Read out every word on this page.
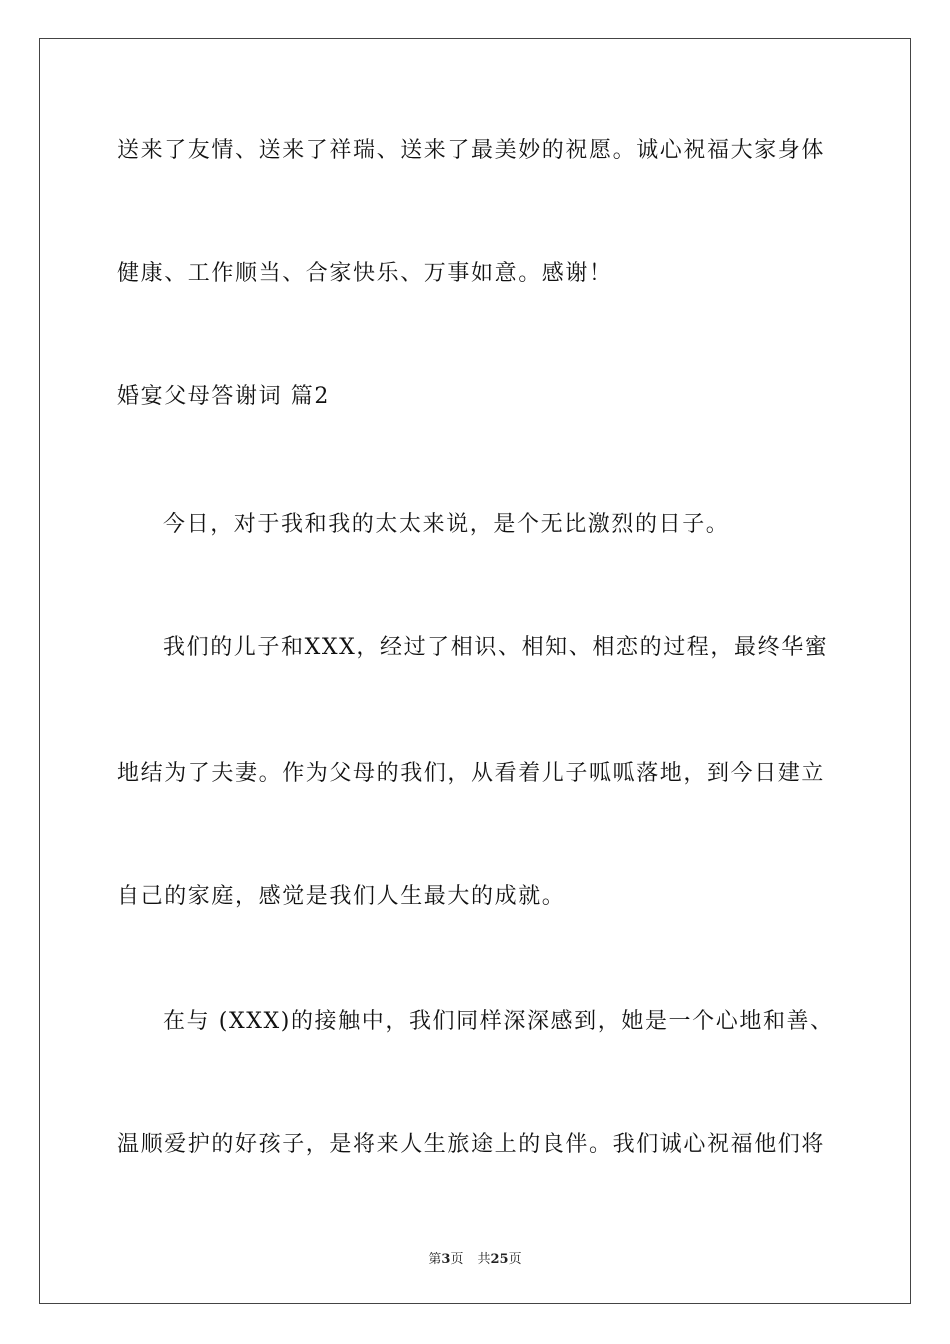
送来了友情、送来了祥瑞、送来了最美妙的祝愿。诚心祝福大家身体
健康、工作顺当、合家快乐、万事如意。感谢！
婚宴父母答谢词 篇2
今日，对于我和我的太太来说，是个无比激烈的日子。
我们的儿子和XXX，经过了相识、相知、相恋的过程，最终华蜜
地结为了夫妻。作为父母的我们，从看着儿子呱呱落地，到今日建立
自己的家庭，感觉是我们人生最大的成就。
在与 (XXX)的接触中，我们同样深深感到，她是一个心地和善、
温顺爱护的好孩子，是将来人生旅途上的良伴。我们诚心祝福他们将
第3页 共25页
